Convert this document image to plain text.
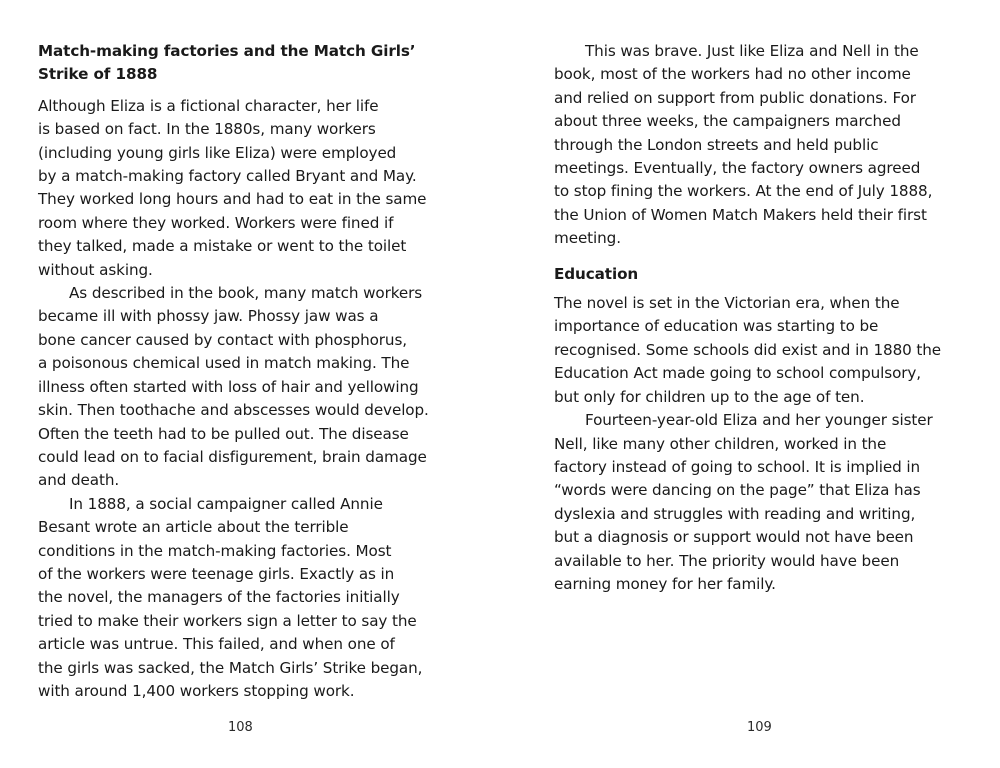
Match-making factories and the Match Girls’
Strike of 1888
Although Eliza is a fictional character, her life
is based on fact. In the 1880s, many workers
(including young girls like Eliza) were employed
by a match-making factory called Bryant and May.
They worked long hours and had to eat in the same
room where they worked. Workers were fined if
they talked, made a mistake or went to the toilet
without asking.
As described in the book, many match workers
became ill with phossy jaw. Phossy jaw was a
bone cancer caused by contact with phosphorus,
a poisonous chemical used in match making. The
illness often started with loss of hair and yellowing
skin. Then toothache and abscesses would develop.
Often the teeth had to be pulled out. The disease
could lead on to facial disfigurement, brain damage
and death.
In 1888, a social campaigner called Annie
Besant wrote an article about the terrible
conditions in the match-making factories. Most
of the workers were teenage girls. Exactly as in
the novel, the managers of the factories initially
tried to make their workers sign a letter to say the
article was untrue. This failed, and when one of
the girls was sacked, the Match Girls’ Strike began,
with around 1,400 workers stopping work.
This was brave. Just like Eliza and Nell in the
book, most of the workers had no other income
and relied on support from public donations. For
about three weeks, the campaigners marched
through the London streets and held public
meetings. Eventually, the factory owners agreed
to stop fining the workers. At the end of July 1888,
the Union of Women Match Makers held their first
meeting.
Education
The novel is set in the Victorian era, when the
importance of education was starting to be
recognised. Some schools did exist and in 1880 the
Education Act made going to school compulsory,
but only for children up to the age of ten.
Fourteen-year-old Eliza and her younger sister
Nell, like many other children, worked in the
factory instead of going to school. It is implied in
“words were dancing on the page” that Eliza has
dyslexia and struggles with reading and writing,
but a diagnosis or support would not have been
available to her. The priority would have been
earning money for her family.
108	109
